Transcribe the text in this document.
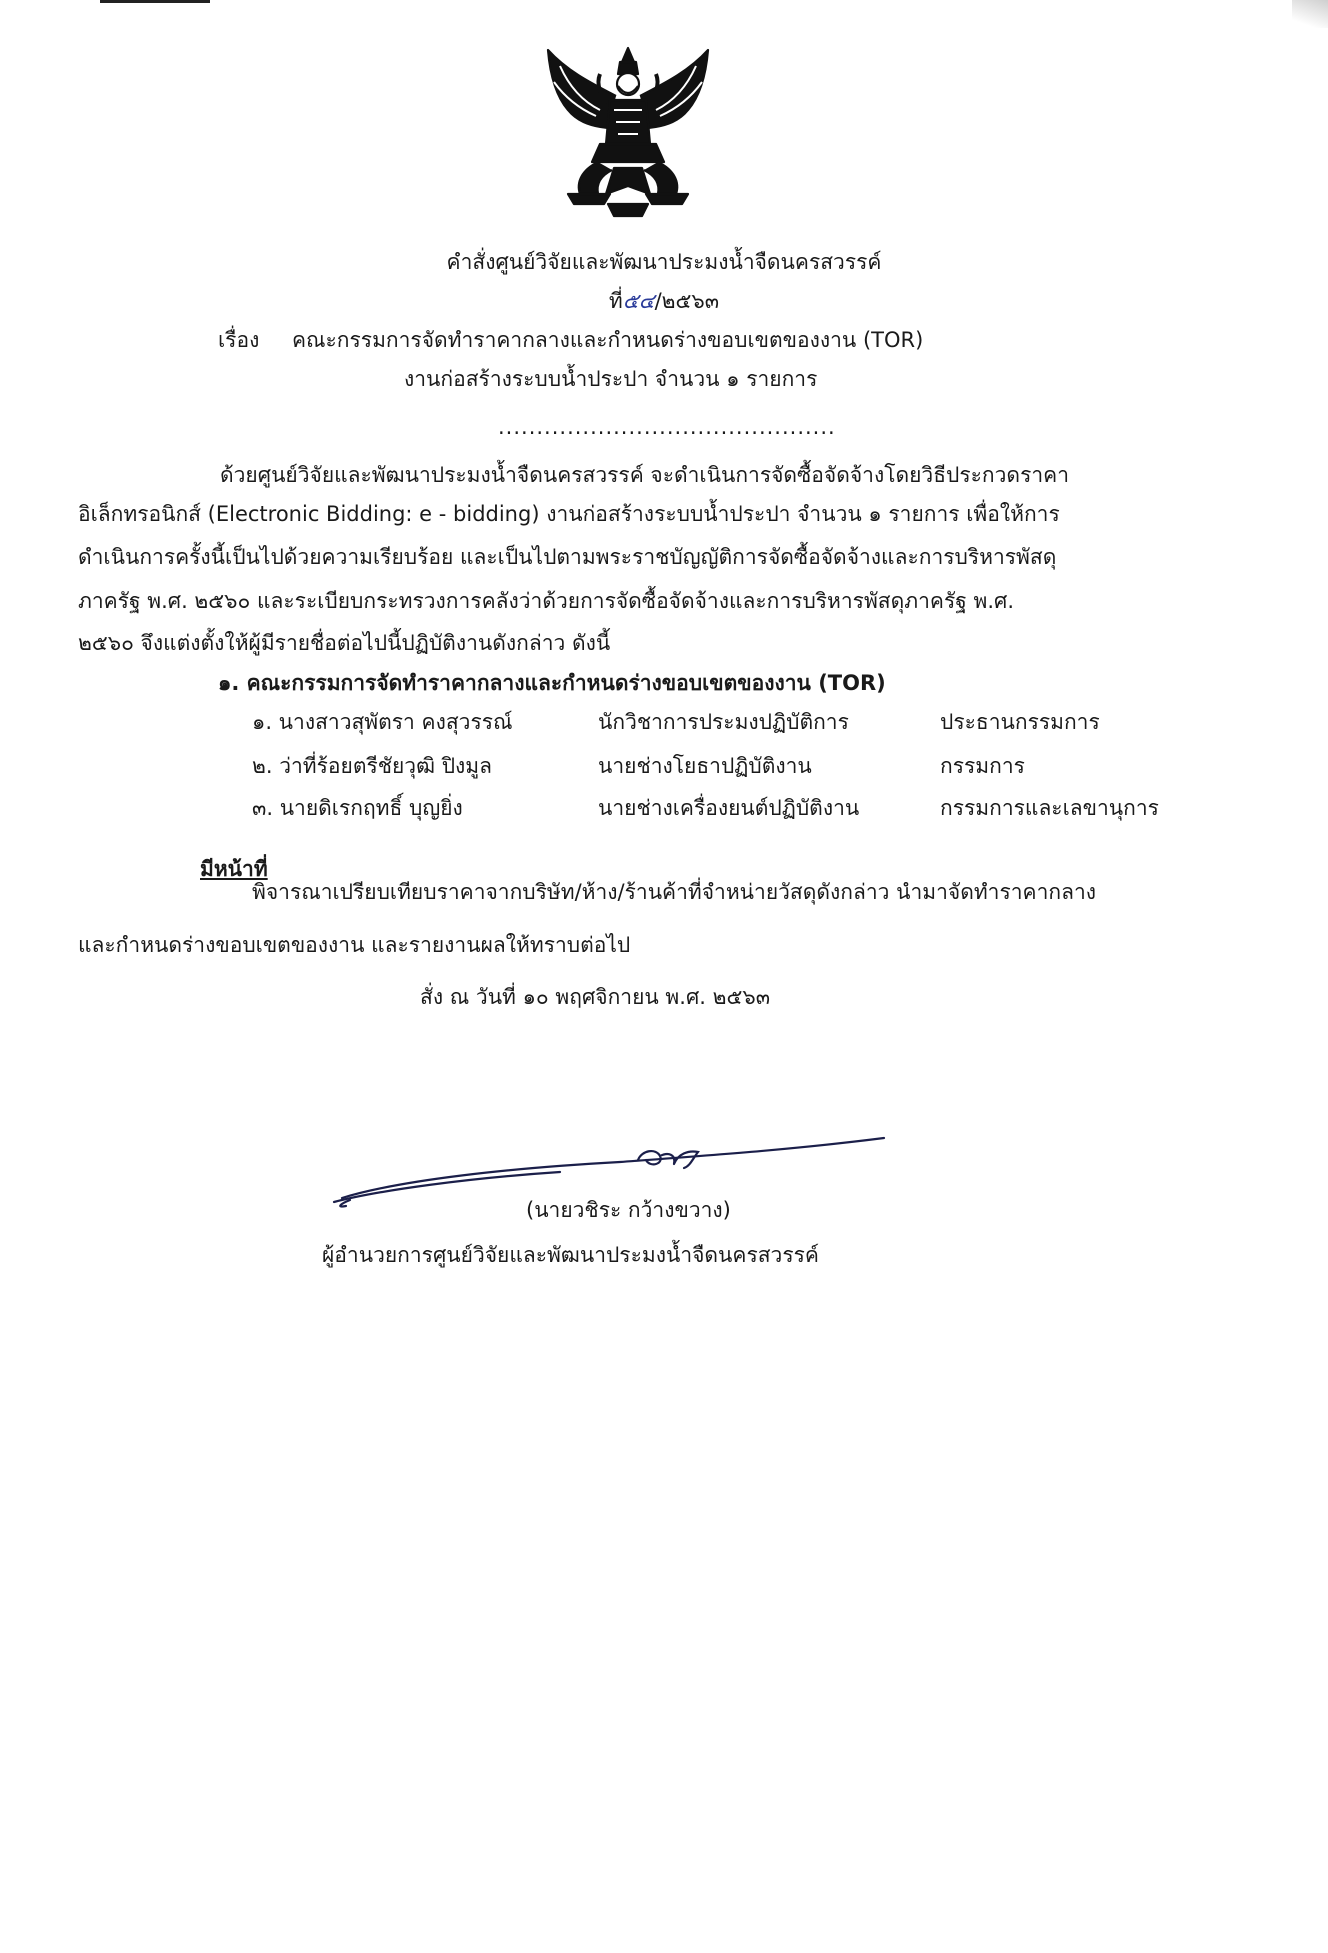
คำสั่งศูนย์วิจัยและพัฒนาประมงน้ำจืดนครสวรรค์
ที่๕๔/๒๕๖๓
เรื่อง คณะกรรมการจัดทำราคากลางและกำหนดร่างขอบเขตของงาน (TOR)
งานก่อสร้างระบบน้ำประปา จำนวน ๑ รายการ
............................................
ด้วยศูนย์วิจัยและพัฒนาประมงน้ำจืดนครสวรรค์ จะดำเนินการจัดซื้อจัดจ้างโดยวิธีประกวดราคา
อิเล็กทรอนิกส์ (Electronic Bidding: e - bidding) งานก่อสร้างระบบน้ำประปา จำนวน ๑ รายการ เพื่อให้การ
ดำเนินการครั้งนี้เป็นไปด้วยความเรียบร้อย และเป็นไปตามพระราชบัญญัติการจัดซื้อจัดจ้างและการบริหารพัสดุ
ภาครัฐ พ.ศ. ๒๕๖๐ และระเบียบกระทรวงการคลังว่าด้วยการจัดซื้อจัดจ้างและการบริหารพัสดุภาครัฐ พ.ศ.
๒๕๖๐ จึงแต่งตั้งให้ผู้มีรายชื่อต่อไปนี้ปฏิบัติงานดังกล่าว ดังนี้
๑. คณะกรรมการจัดทำราคากลางและกำหนดร่างขอบเขตของงาน (TOR)
๑. นางสาวสุพัตรา คงสุวรรณ์	นักวิชาการประมงปฏิบัติการ	ประธานกรรมการ
๒. ว่าที่ร้อยตรีชัยวุฒิ ปิงมูล	นายช่างโยธาปฏิบัติงาน	กรรมการ
๓. นายดิเรกฤทธิ์ บุญยิ่ง	นายช่างเครื่องยนต์ปฏิบัติงาน	กรรมการและเลขานุการ
มีหน้าที่
พิจารณาเปรียบเทียบราคาจากบริษัท/ห้าง/ร้านค้าที่จำหน่ายวัสดุดังกล่าว นำมาจัดทำราคากลาง
และกำหนดร่างขอบเขตของงาน และรายงานผลให้ทราบต่อไป
สั่ง ณ วันที่ ๑๐ พฤศจิกายน พ.ศ. ๒๕๖๓
(นายวชิระ กว้างขวาง)
ผู้อำนวยการศูนย์วิจัยและพัฒนาประมงน้ำจืดนครสวรรค์
